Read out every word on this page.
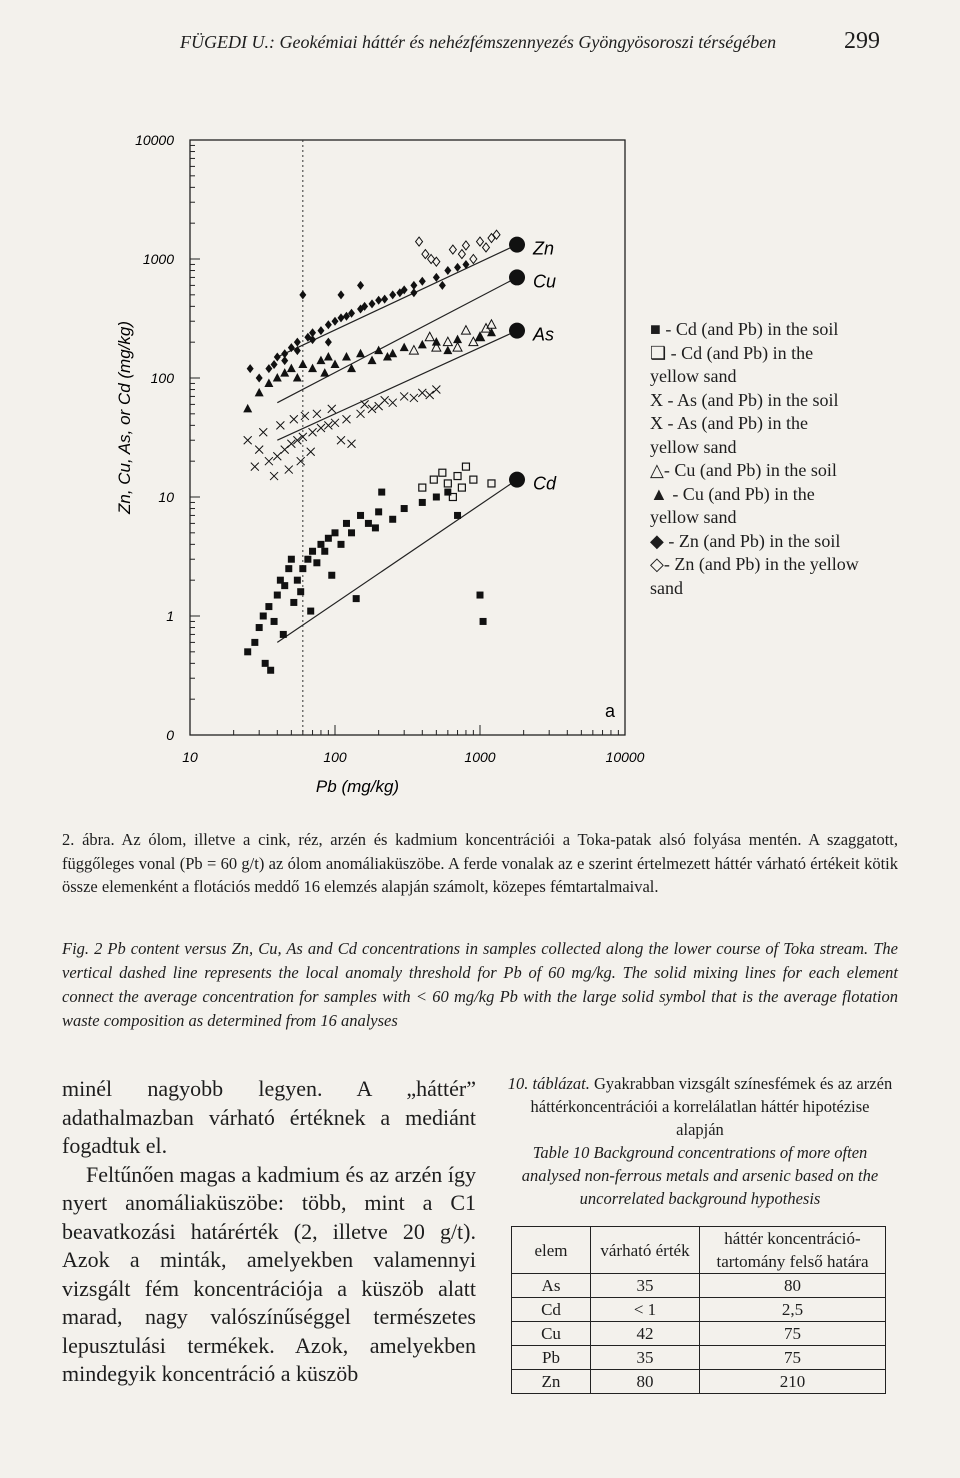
FÜGEDI U.: Geokémiai háttér és nehézfémszennyezés Gyöngyösoroszi térségében	299
10	100	1000	10000
0
1
10
100
1000
10000
Pb (mg/kg)
Zn, Cu, As, or Cd (mg/kg)
a
Zn
Cu
As
Cd

■ - Cd (and Pb) in the soil

❑ - Cd (and Pb) in the yellow sand

X - As (and Pb) in the soil

X - As (and Pb) in the yellow sand

△- Cu (and Pb) in the soil

▲ - Cu (and Pb) in the yellow sand

◆ - Zn (and Pb) in the soil

◇- Zn (and Pb) in the yellow sand

2. ábra. Az ólom, illetve a cink, réz, arzén és kadmium koncentrációi a Toka-patak alsó folyása mentén. A szaggatott, függőleges vonal (Pb = 60 g/t) az ólom anomáliaküszöbe. A ferde vonalak az e szerint értelmezett háttér várható értékeit kötik össze elemenként a flotációs meddő 16 elemzés alapján számolt, közepes fémtartalmaival.
Fig. 2 Pb content versus Zn, Cu, As and Cd concentrations in samples collected along the lower course of Toka stream. The vertical dashed line represents the local anomaly threshold for Pb of 60 mg/kg. The solid mixing lines for each element connect the average concentration for samples with < 60 mg/kg Pb with the large solid symbol that is the average flotation waste composition as determined from 16 analyses

minél nagyobb legyen. A „háttér” adathalmazban várható értéknek a mediánt fogadtuk el.

Feltűnően magas a kadmium és az arzén így nyert anomáliaküszöbe: több, mint a C1 beavatkozási határérték (2, illetve 20 g/t). Azok a minták, amelyekben valamennyi vizsgált fém koncentrációja a küszöb alatt marad, nagy valószínűséggel természetes lepusztulási termékek. Azok, amelyekben mindegyik koncentráció a küszöb

10. táblázat. Gyakrabban vizsgált színesfémek és az arzén háttérkoncentrációi a korrelálatlan háttér hipotézise alapján
Table 10 Background concentrations of more often analysed non-ferrous metals and arsenic based on the uncorrelated background hypothesis
elem	várható érték	háttér koncentráció-tartomány felső határa
As	35	80
Cd	< 1	2,5
Cu	42	75
Pb	35	75
Zn	80	210
